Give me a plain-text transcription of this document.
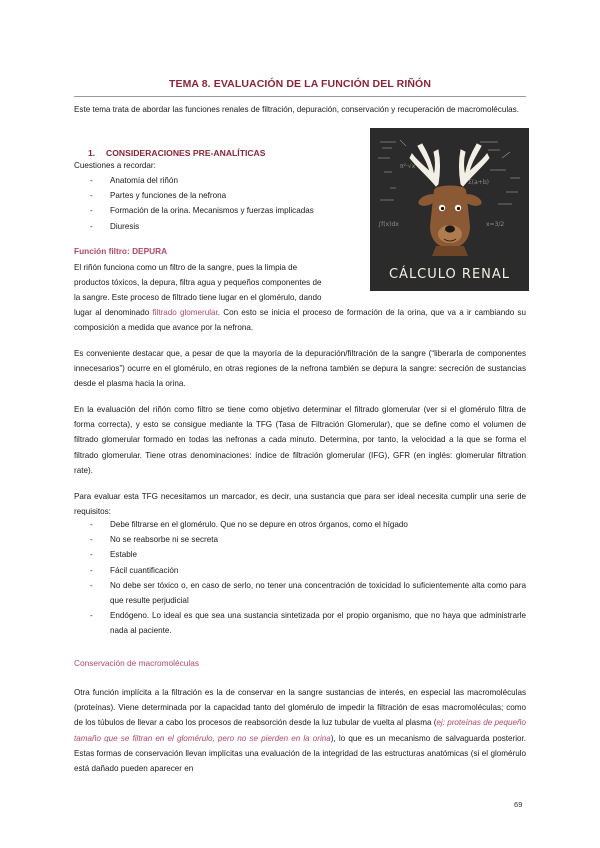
TEMA 8. EVALUACIÓN DE LA FUNCIÓN DEL RIÑÓN

Este tema trata de abordar las funciones renales de filtración, depuración, conservación y recuperación de macromoléculas.

1. CONSIDERACIONES PRE-ANALÍTICAS
Cuestiones a recordar:
- Anatomía del riñón
- Partes y funciones de la nefrona
- Formación de la orina. Mecanismos y fuerzas implicadas
- Diuresis
π²·√x
Σ(a+b)
∫f(x)dx	x=3/2
CÁLCULO RENAL
Función filtro: DEPURA
El riñón funciona como un filtro de la sangre, pues la limpia de
productos tóxicos, la depura, filtra agua y pequeños componentes de
la sangre. Este proceso de filtrado tiene lugar en el glomérulo, dando

lugar al denominado filtrado glomerular. Con esto se inicia el proceso de formación de la orina, que va a ir cambiando su composición a medida que avance por la nefrona.

Es conveniente destacar que, a pesar de que la mayoría de la depuración/filtración de la sangre (“liberarla de componentes innecesarios”) ocurre en el glomérulo, en otras regiones de la nefrona también se depura la sangre: secreción de sustancias desde el plasma hacia la orina.

En la evaluación del riñón como filtro se tiene como objetivo determinar el filtrado glomerular (ver si el glomérulo filtra de forma correcta), y esto se consigue mediante la TFG (Tasa de Filtración Glomerular), que se define como el volumen de filtrado glomerular formado en todas las nefronas a cada minuto. Determina, por tanto, la velocidad a la que se forma el filtrado glomerular. Tiene otras denominaciones: índice de filtración glomerular (IFG), GFR (en inglés: glomerular filtration rate).

Para evaluar esta TFG necesitamos un marcador, es decir, una sustancia que para ser ideal necesita cumplir una serie de requisitos:

- Debe filtrarse en el glomérulo. Que no se depure en otros órganos, como el hígado
- No se reabsorbe ni se secreta
- Estable
- Fácil cuantificación
- No debe ser tóxico o, en caso de serlo, no tener una concentración de toxicidad lo suficientemente alta como para que resulte perjudicial
- Endógeno. Lo ideal es que sea una sustancia sintetizada por el propio organismo, que no haya que administrarle nada al paciente.
Conservación de macromoléculas

Otra función implícita a la filtración es la de conservar en la sangre sustancias de interés, en especial las macromoléculas (proteínas). Viene determinada por la capacidad tanto del glomérulo de impedir la filtración de esas macromoléculas; como de los túbulos de llevar a cabo los procesos de reabsorción desde la luz tubular de vuelta al plasma (ej: proteínas de pequeño tamaño que se filtran en el glomérulo, pero no se pierden en la orina), lo que es un mecanismo de salvaguarda posterior. Estas formas de conservación llevan implícitas una evaluación de la integridad de las estructuras anatómicas (si el glomérulo está dañado pueden aparecer en

69
